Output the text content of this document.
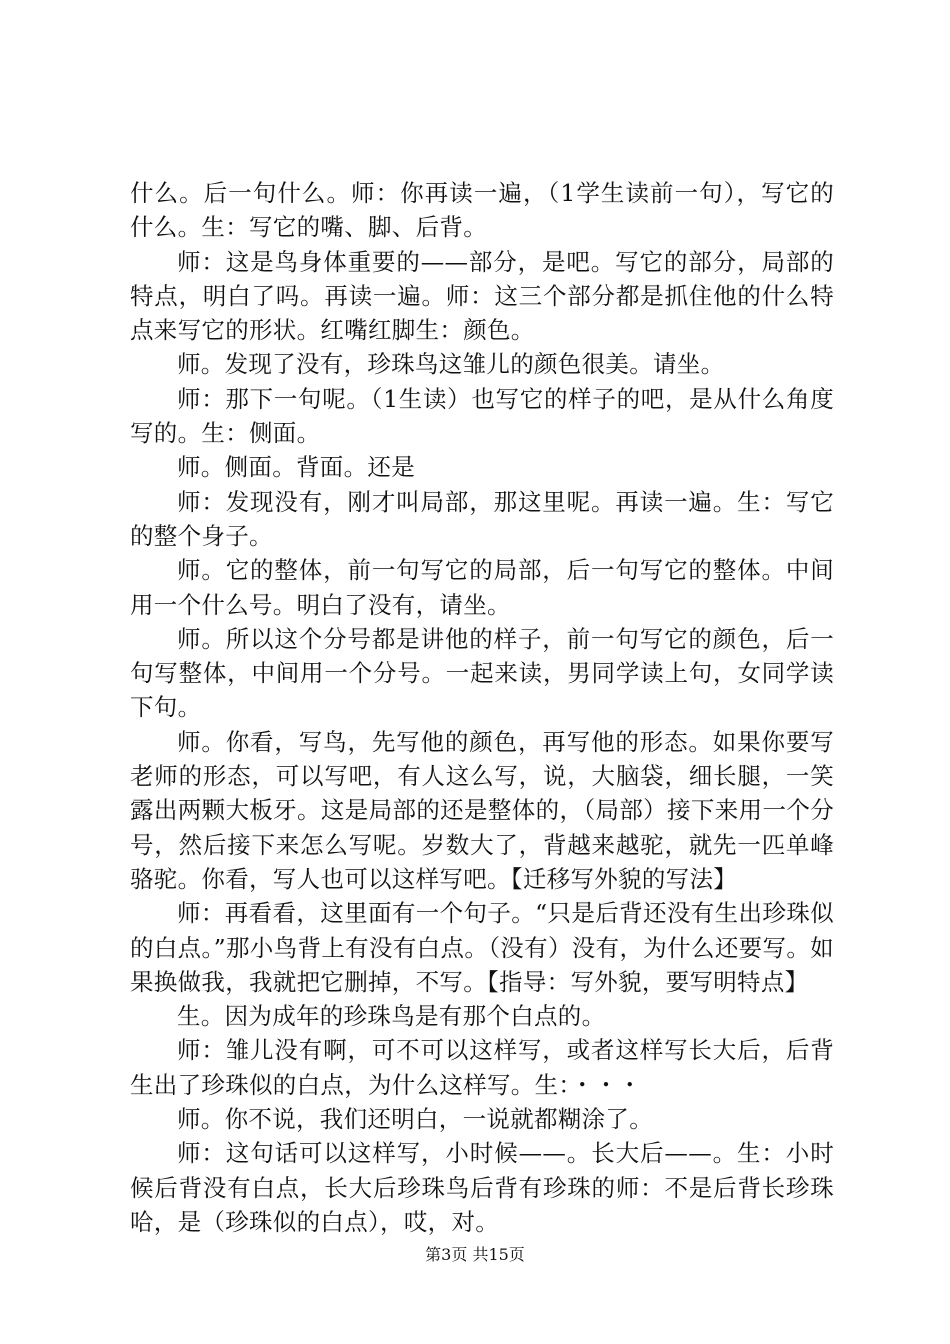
什么。后一句什么。师：你再读一遍，（1学生读前一句），写它的什么。生：写它的嘴、脚、后背。

师：这是鸟身体重要的——部分，是吧。写它的部分，局部的特点，明白了吗。再读一遍。师：这三个部分都是抓住他的什么特点来写它的形状。红嘴红脚生：颜色。

师。发现了没有，珍珠鸟这雏儿的颜色很美。请坐。

师：那下一句呢。（1生读）也写它的样子的吧，是从什么角度写的。生：侧面。

师。侧面。背面。还是

师：发现没有，刚才叫局部，那这里呢。再读一遍。生：写它的整个身子。

师。它的整体，前一句写它的局部，后一句写它的整体。中间用一个什么号。明白了没有，请坐。

师。所以这个分号都是讲他的样子，前一句写它的颜色，后一句写整体，中间用一个分号。一起来读，男同学读上句，女同学读下句。

师。你看，写鸟，先写他的颜色，再写他的形态。如果你要写老师的形态，可以写吧，有人这么写，说，大脑袋，细长腿，一笑露出两颗大板牙。这是局部的还是整体的，（局部）接下来用一个分号，然后接下来怎么写呢。岁数大了，背越来越驼，就先一匹单峰骆驼。你看，写人也可以这样写吧。【迁移写外貌的写法】

师：再看看，这里面有一个句子。“只是后背还没有生出珍珠似的白点。”那小鸟背上有没有白点。（没有）没有，为什么还要写。如果换做我，我就把它删掉，不写。【指导：写外貌，要写明特点】

生。因为成年的珍珠鸟是有那个白点的。

师：雏儿没有啊，可不可以这样写，或者这样写长大后，后背生出了珍珠似的白点，为什么这样写。生：・・・

师。你不说，我们还明白，一说就都糊涂了。

师：这句话可以这样写，小时候——。长大后——。生：小时候后背没有白点，长大后珍珠鸟后背有珍珠的师：不是后背长珍珠哈，是（珍珠似的白点），哎，对。

第3页 共15页
